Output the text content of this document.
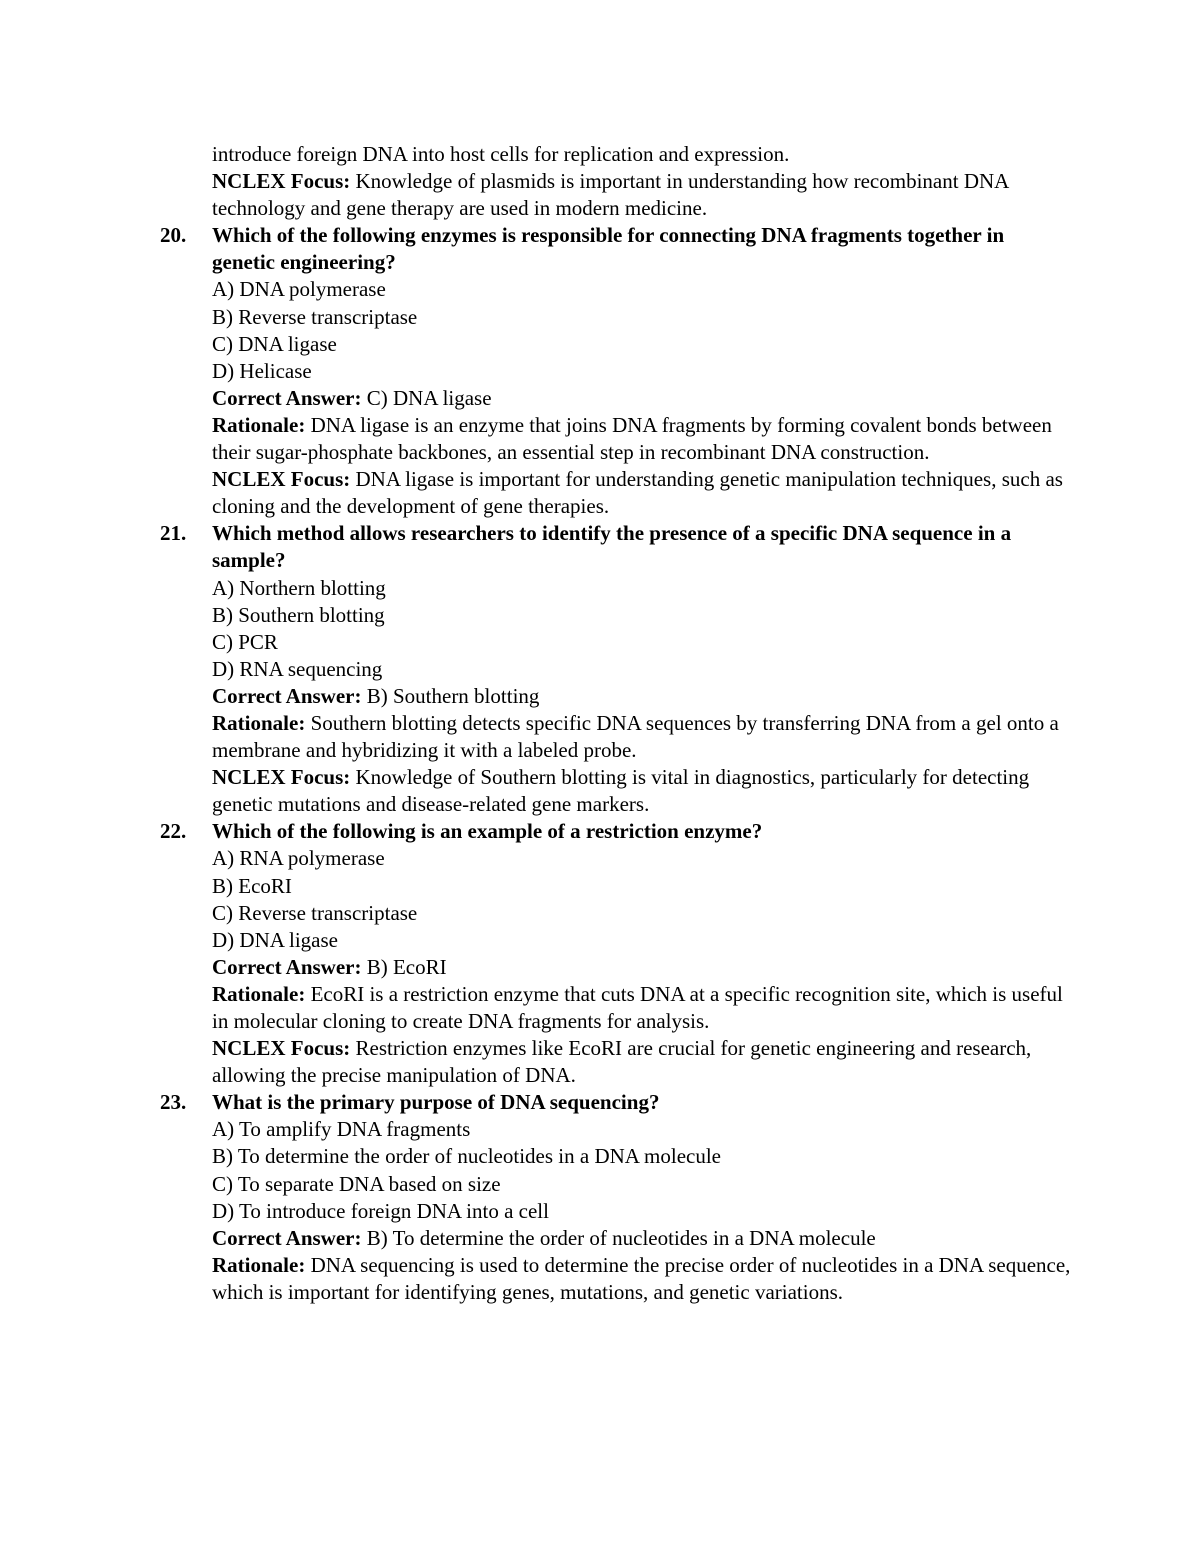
introduce foreign DNA into host cells for replication and expression.

NCLEX Focus: Knowledge of plasmids is important in understanding how recombinant DNA technology and gene therapy are used in modern medicine.

20. Which of the following enzymes is responsible for connecting DNA fragments together in genetic engineering?

A) DNA polymerase

B) Reverse transcriptase

C) DNA ligase

D) Helicase

Correct Answer: C) DNA ligase

Rationale: DNA ligase is an enzyme that joins DNA fragments by forming covalent bonds between their sugar-phosphate backbones, an essential step in recombinant DNA construction.

NCLEX Focus: DNA ligase is important for understanding genetic manipulation techniques, such as cloning and the development of gene therapies.

21. Which method allows researchers to identify the presence of a specific DNA sequence in a sample?

A) Northern blotting

B) Southern blotting

C) PCR

D) RNA sequencing

Correct Answer: B) Southern blotting

Rationale: Southern blotting detects specific DNA sequences by transferring DNA from a gel onto a membrane and hybridizing it with a labeled probe.

NCLEX Focus: Knowledge of Southern blotting is vital in diagnostics, particularly for detecting genetic mutations and disease-related gene markers.

22. Which of the following is an example of a restriction enzyme?

A) RNA polymerase

B) EcoRI

C) Reverse transcriptase

D) DNA ligase

Correct Answer: B) EcoRI

Rationale: EcoRI is a restriction enzyme that cuts DNA at a specific recognition site, which is useful in molecular cloning to create DNA fragments for analysis.

NCLEX Focus: Restriction enzymes like EcoRI are crucial for genetic engineering and research, allowing the precise manipulation of DNA.

23. What is the primary purpose of DNA sequencing?

A) To amplify DNA fragments

B) To determine the order of nucleotides in a DNA molecule

C) To separate DNA based on size

D) To introduce foreign DNA into a cell

Correct Answer: B) To determine the order of nucleotides in a DNA molecule

Rationale: DNA sequencing is used to determine the precise order of nucleotides in a DNA sequence, which is important for identifying genes, mutations, and genetic variations.
